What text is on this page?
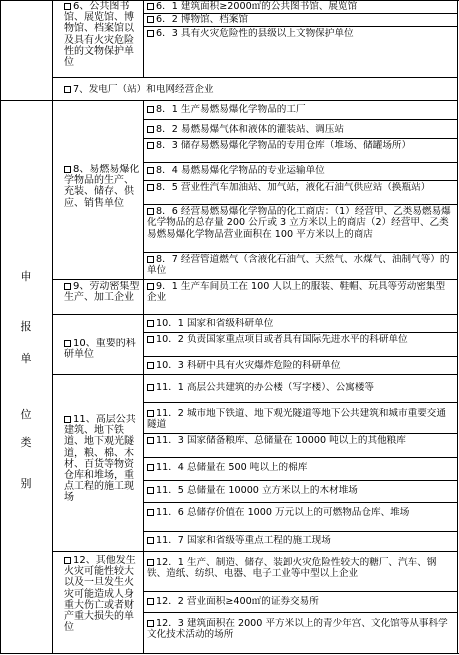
申
报
单
位
类
别
6、公共图书馆、展览馆、博物馆、档案馆以及具有火灾危险性的文物保护单位
6．1 建筑面积≥2000㎡的公共图书馆、展览馆
6．2 博物馆、档案馆
6．3 具有火灾危险性的县级以上文物保护单位
7、发电厂（站）和电网经营企业
8、易燃易爆化学物品的生产、充装、储存、供应、销售单位
8．1 生产易燃易爆化学物品的工厂
8．2 易燃易爆气体和液体的灌装站、调压站
8．3 储存易燃易爆化学物品的专用仓库（堆场、储罐场所）
8．4 易燃易爆化学物品的专业运输单位
8．5 营业性汽车加油站、加气站，液化石油气供应站（换瓶站）
8．6 经营易燃易爆化学物品的化工商店：（1）经营甲、乙类易燃易爆化学物品的总存量 200 公斤或 3 立方米以上的商店（2）经营甲、乙类易燃易爆化学物品营业面积在 100 平方米以上的商店
8．7 经营管道燃气（含液化石油气、天然气、水煤气、油制气等）的单位
9、劳动密集型生产、加工企业
9．1 生产车间员工在 100 人以上的服装、鞋帽、玩具等劳动密集型企业
10、重要的科研单位
10．1 国家和省级科研单位
10．2 负责国家重点项目或者具有国际先进水平的科研单位
10．3 科研中具有火灾爆炸危险的科研单位
11、高层公共建筑、地下铁道、地下观光隧道，粮、棉、木材、百货等物资仓库和堆场，重点工程的施工现场
11．1 高层公共建筑的办公楼（写字楼）、公寓楼等
11．2 城市地下铁道、地下观光隧道等地下公共建筑和城市重要交通隧道
11．3 国家储备粮库、总储量在 10000 吨以上的其他粮库
11．4 总储量在 500 吨以上的棉库
11．5 总储量在 10000 立方米以上的木材堆场
11．6 总储存价值在 1000 万元以上的可燃物品仓库、堆场
11．7 国家和省级等重点工程的施工现场
12、其他发生火灾可能性较大以及一旦发生火灾可能造成人身重大伤亡或者财产重大损失的单位
12．1 生产、制造、储存、装卸火灾危险性较大的糖厂、汽车、钢铁、造纸、纺织、电器、电子工业等中型以上企业
12．2 营业面积≥400㎡的证券交易所
12．3 建筑面积在 2000 平方米以上的青少年宫、文化馆等从事科学文化技术活动的场所
